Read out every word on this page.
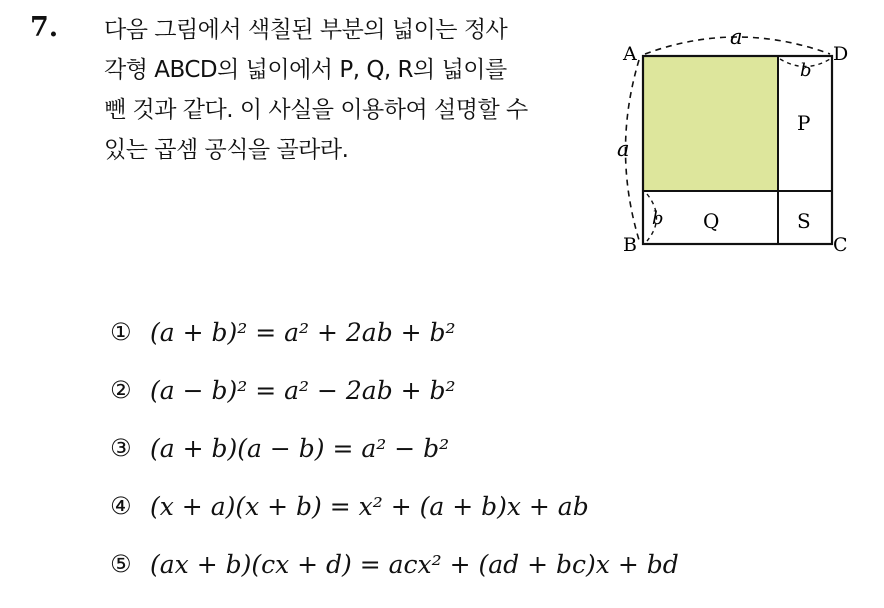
7. 다음 그림에서 색칠된 부분의 넓이는 정사
각형 ABCD의 넓이에서 P, Q, R의 넓이를
뺀 것과 같다. 이 사실을 이용하여 설명할 수
있는 곱셈 공식을 골라라.
A	D
B	C
a
a
b
b
P
Q	S
① (a + b)² = a² + 2ab + b²
② (a − b)² = a² − 2ab + b²
③ (a + b)(a − b) = a² − b²
④ (x + a)(x + b) = x² + (a + b)x + ab
⑤ (ax + b)(cx + d) = acx² + (ad + bc)x + bd
